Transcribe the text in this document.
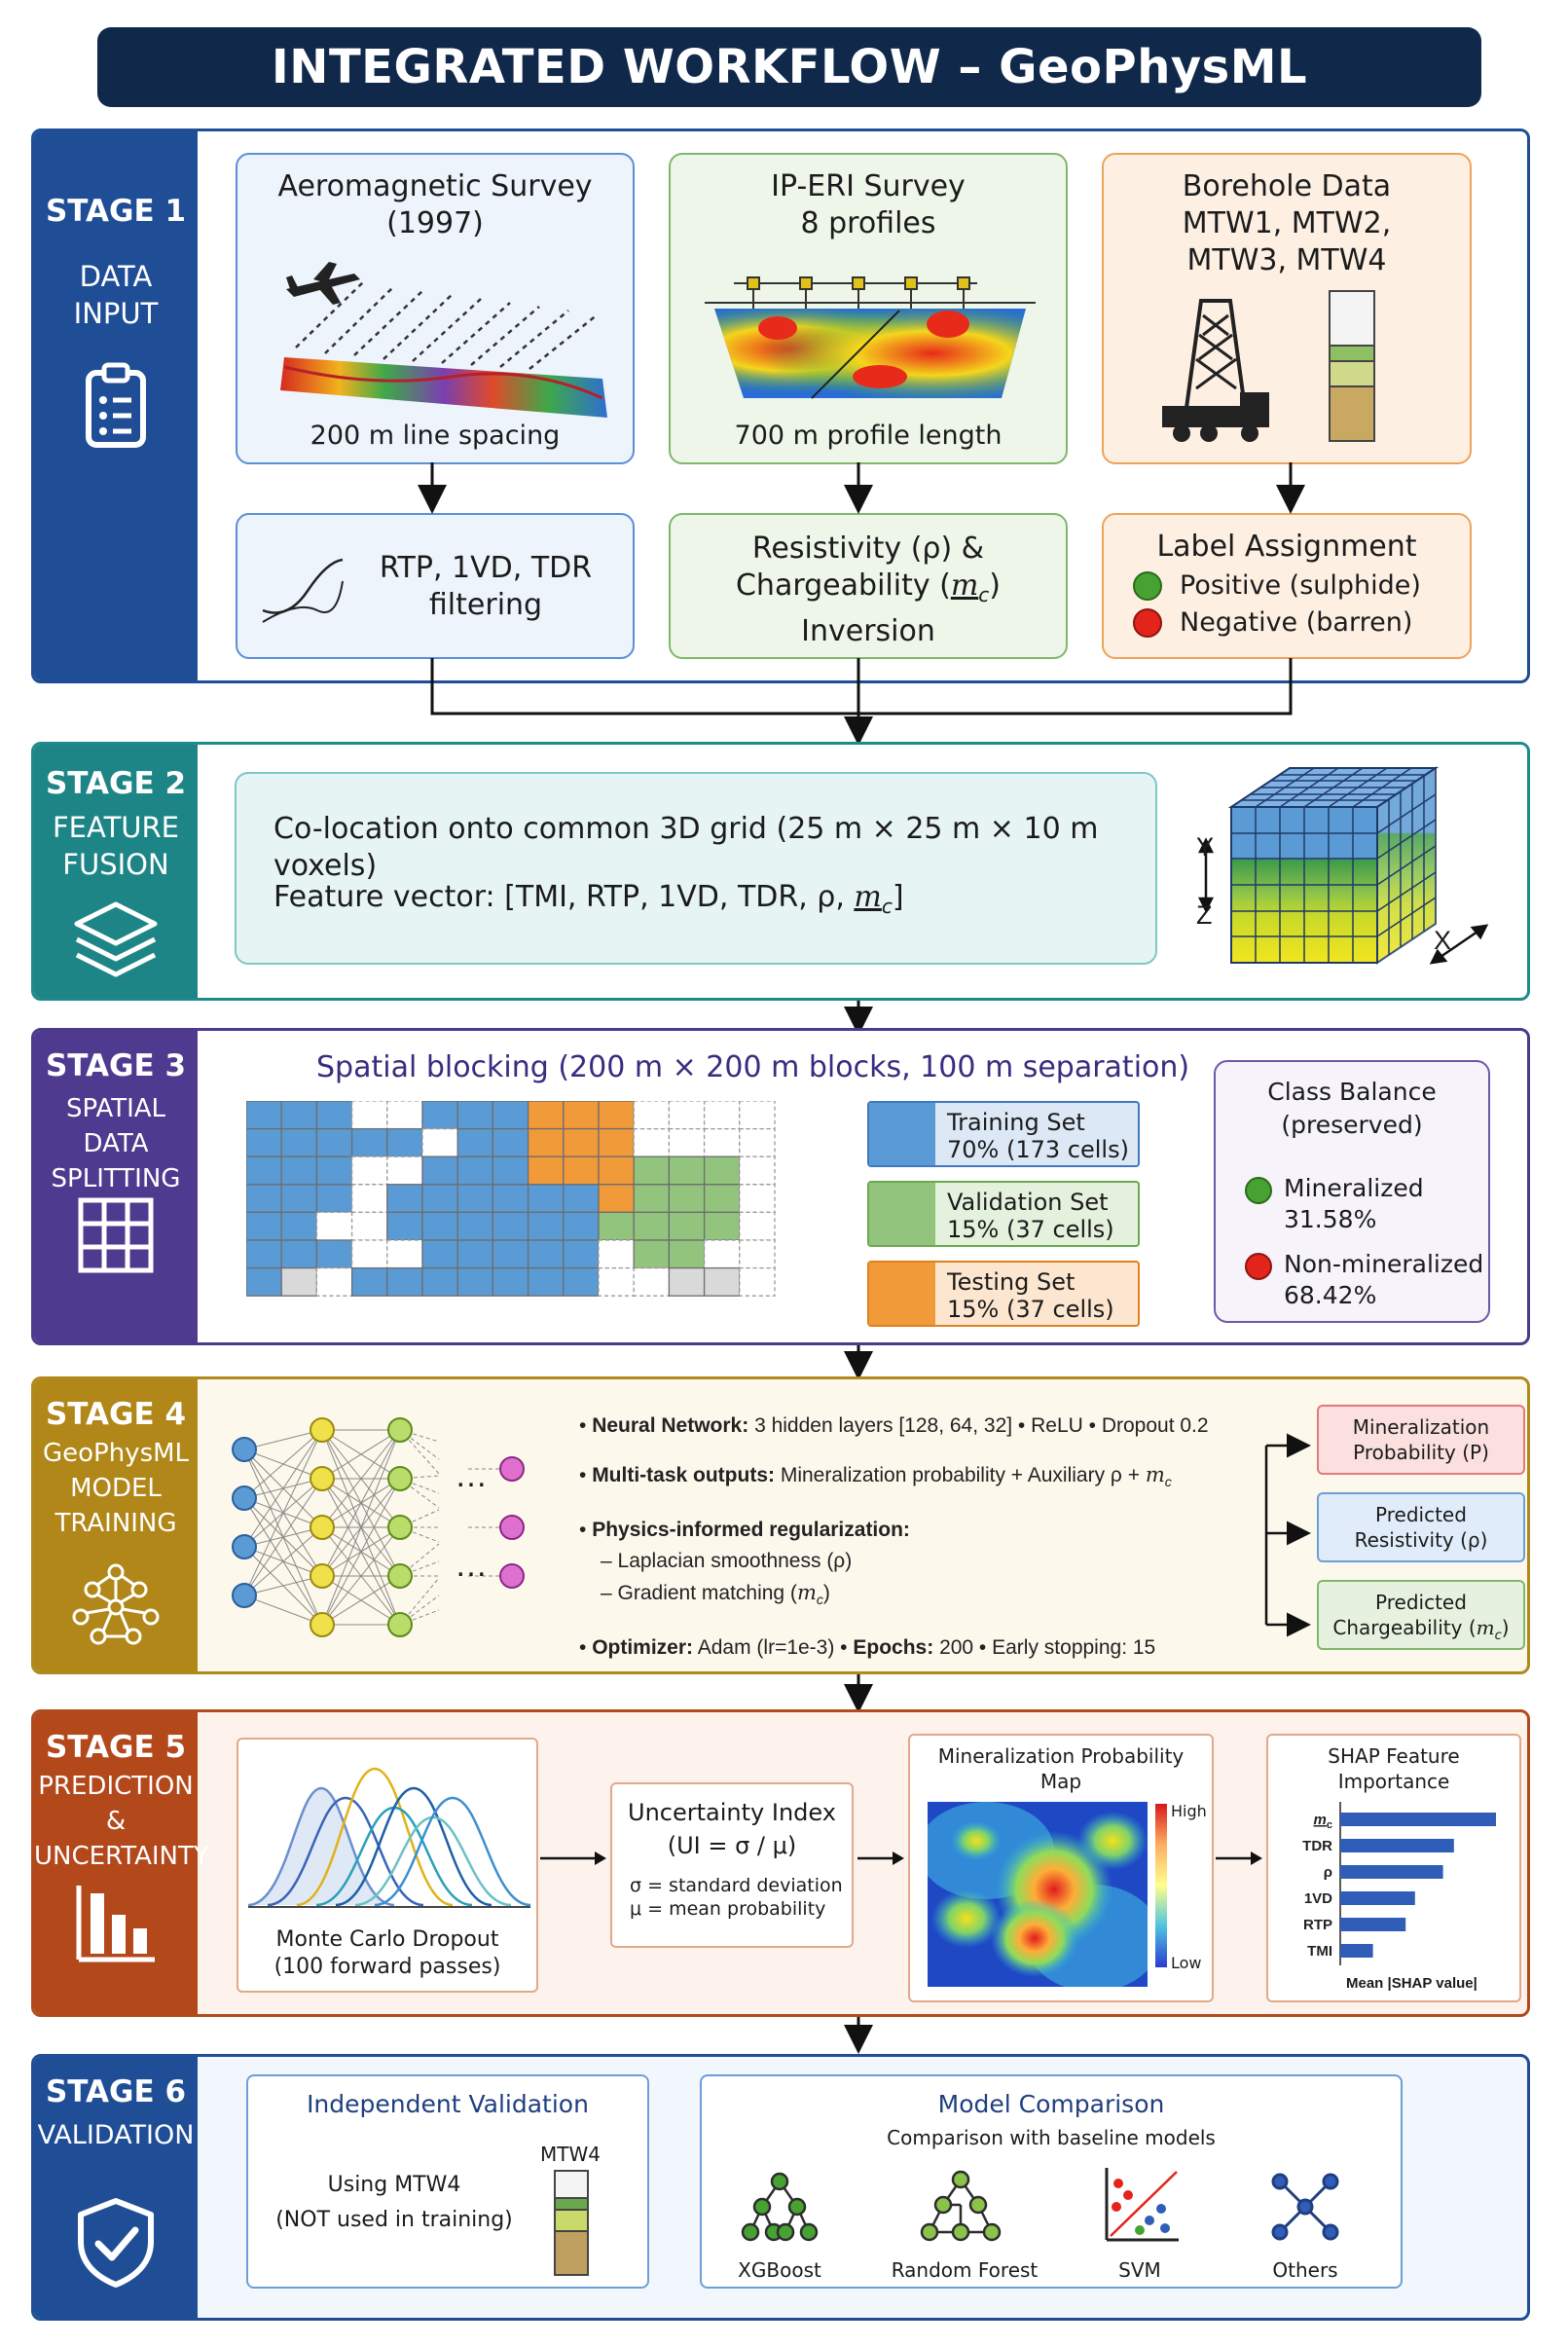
INTEGRATED WORKFLOW – GeoPhysML
STAGE 1
DATA
INPUT
Aeromagnetic Survey
(1997)
200 m line spacing
IP-ERI Survey
8 profiles
700 m profile length
Borehole Data
MTW1, MTW2,
MTW3, MTW4
RTP, 1VD, TDR
filtering
Resistivity (ρ) &
Chargeability $(m_c)$
Inversion
Label Assignment
Positive (sulphide)
Negative (barren)
STAGE 2
FEATURE
FUSION
Co-location onto common 3D grid (25 m × 25 m × 10 m voxels)
Feature vector: [TMI, RTP, 1VD, TDR, ρ, $m_c$]
Y
Z
X
STAGE 3
SPATIAL DATA
SPLITTING
Spatial blocking (200 m × 200 m blocks, 100 m separation)
Training Set
70% (173 cells)
Validation Set
15% (37 cells)
Testing Set
15% (37 cells)
Class Balance
(preserved)
Mineralized
31.58%
Non-mineralized
68.42%
STAGE 4
GeoPhysML
MODEL
TRAINING
…
…
• Neural Network: 3 hidden layers [128, 64, 32] • ReLU • Dropout 0.2
• Multi-task outputs: Mineralization probability + Auxiliary $\rho + m_c$
• Physics-informed regularization:
– Laplacian smoothness (ρ)
– Gradient matching $(m_c)$
• Optimizer: Adam (lr=1e-3) • Epochs: 200 • Early stopping: 15
Mineralization
Probability (P)
Predicted
Resistivity (ρ)
Predicted
Chargeability $(m_c)$
STAGE 5
PREDICTION &
UNCERTAINTY
Monte Carlo Dropout
(100 forward passes)
Uncertainty Index
(UI = σ / μ)
σ = standard deviation
μ = mean probability
Mineralization Probability
Map
High
Low
SHAP Feature
Importance
$m_c$
TDR
ρ
1VD
RTP
TMI
Mean |SHAP value|
STAGE 6
VALIDATION
Independent Validation
Using MTW4
(NOT used in training)
MTW4
Model Comparison
Comparison with baseline models
XGBoost	Random Forest	SVM	Others
